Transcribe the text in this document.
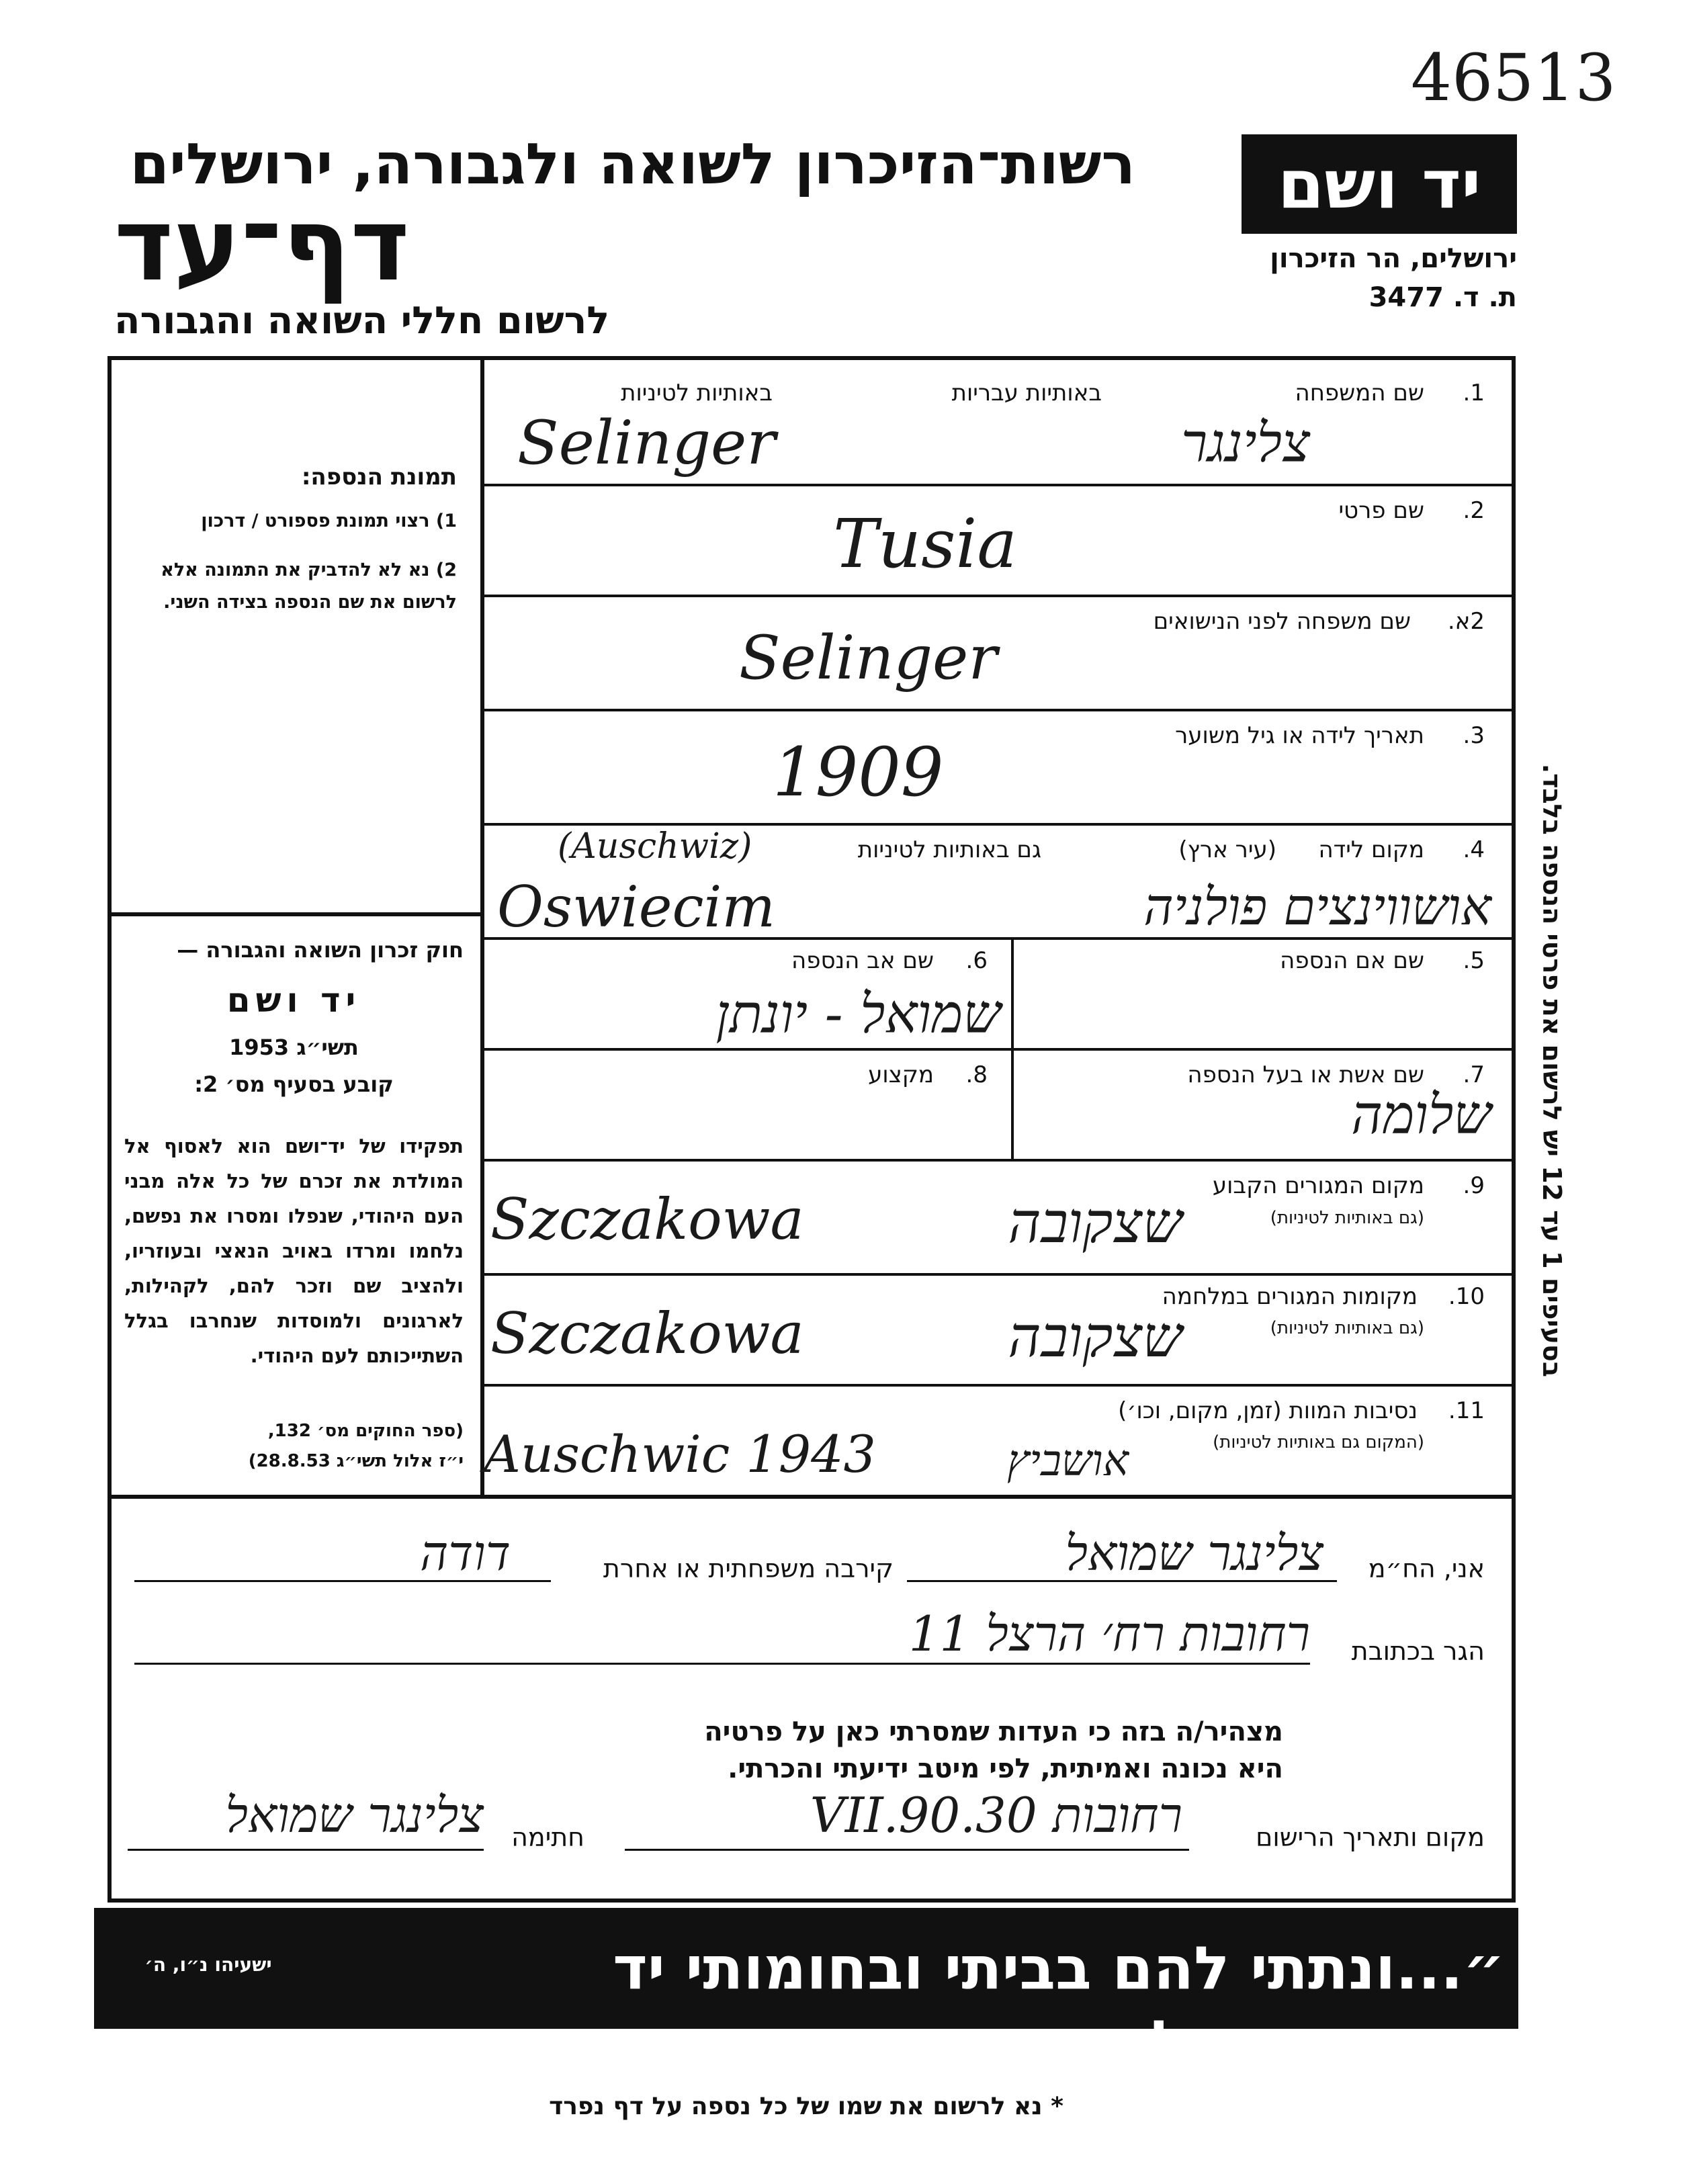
46513
רשות־הזיכרון לשואה ולגבורה, ירושלים
דף־עד
לרשום חללי השואה והגבורה
יד ושם
ירושלים, הר הזיכרון
ת. ד. 3477
תמונת הנספה:
1) רצוי תמונת פספורט / דרכון
2) נא לא להדביק את התמונה אלא לרשום את שם הנספה בצידה השני.
חוק זכרון השואה והגבורה —
יד ושם
תשי״ג 1953
קובע בסעיף מס׳ 2:
תפקידו של יד־ושם הוא לאסוף אל המולדת את זכרם של כל אלה מבני העם היהודי, שנפלו ומסרו את נפשם, נלחמו ומרדו באויב הנאצי ובעוזריו, ולהציב שם וזכר להם, לקהילות, לארגונים ולמוסדות שנחרבו בגלל השתייכותם לעם היהודי.
(ספר החוקים מס׳ 132,
י״ז אלול תשי״ג 28.8.53)
1.
שם המשפחה
באותיות עבריות
באותיות לטיניות
צלינגר
Selinger
2.
שם פרטי
Tusia
2א.
שם משפחה לפני הנישואים
Selinger
3.
תאריך לידה או גיל משוער
1909
4.
מקום לידה
(עיר ארץ)
גם באותיות לטיניות
(Auschwiz)
Oswiecim	אושווינצים פולניה
5.
שם אם הנספה
6.
שם אב הנספה
שמואל - יונתן
7.
שם אשת או בעל הנספה
שלומה
8.
מקצוע
9.
מקום המגורים הקבוע
(גם באותיות לטיניות)
Szczakowa	שצקובה
10.
מקומות המגורים במלחמה
(גם באותיות לטיניות)
Szczakowa	שצקובה
11.
נסיבות המוות (זמן, מקום, וכו׳)
(המקום גם באותיות לטיניות)
Auschwic 1943	אושביץ
בסעיפים 1 עד 12 יש לרשום את פרטי הנספה בלבד.
אני, הח״מ
צלינגר שמואל
קירבה משפחתית או אחרת
דודה
הגר בכתובת
רחובות רח׳ הרצל 11
מצהיר/ה בזה כי העדות שמסרתי כאן על פרטיה
היא נכונה ואמיתית, לפי מיטב ידיעתי והכרתי.
מקום ותאריך הרישום
רחובות 30.VII.90
חתימה
צלינגר שמואל
ישעיהו נ״ו, ה׳	״...ונתתי להם בביתי ובחומותי יד ושם...אשר לא יכרת״
* נא לרשום את שמו של כל נספה על דף נפרד
